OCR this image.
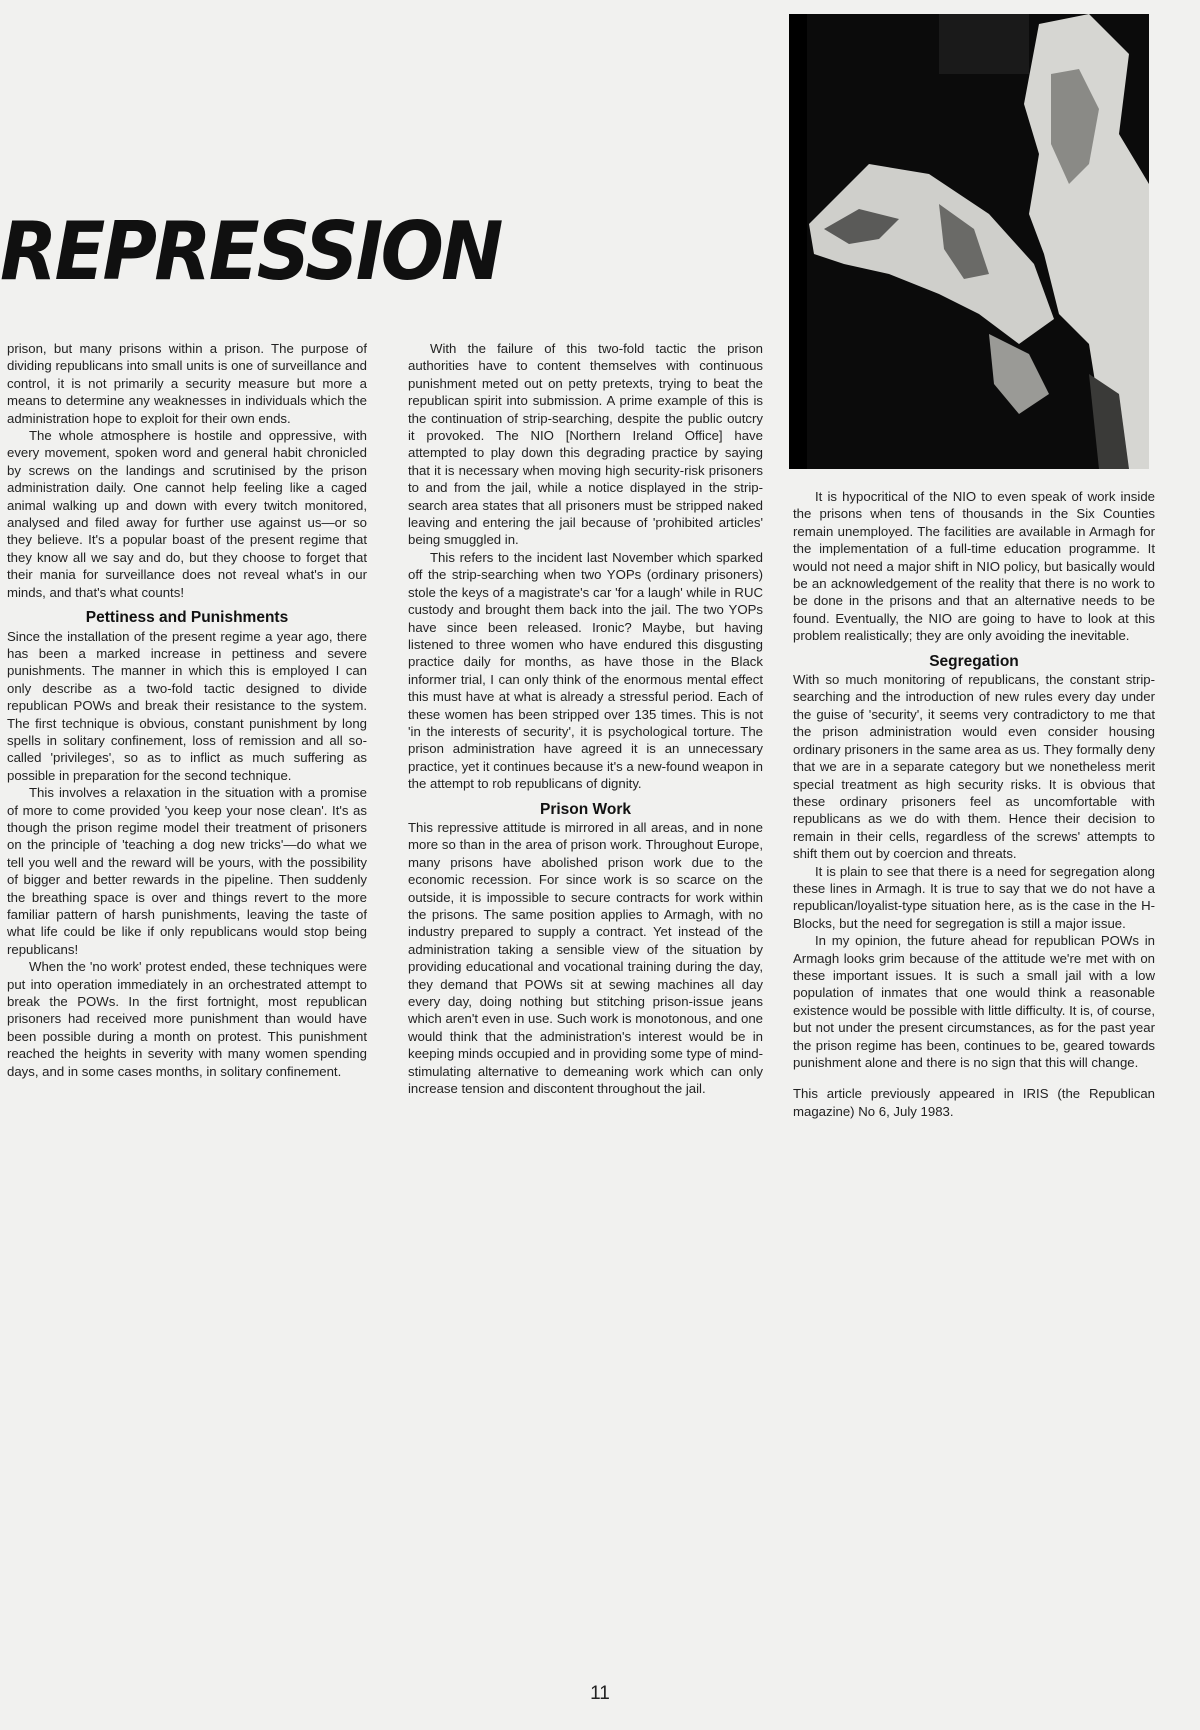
REPRESSION

prison, but many prisons within a prison. The purpose of dividing republicans into small units is one of surveillance and control, it is not primarily a security measure but more a means to determine any weaknesses in individuals which the administration hope to exploit for their own ends.

The whole atmosphere is hostile and oppressive, with every movement, spoken word and general habit chronicled by screws on the landings and scrutinised by the prison administration daily. One cannot help feeling like a caged animal walking up and down with every twitch monitored, analysed and filed away for further use against us—or so they believe. It's a popular boast of the present regime that they know all we say and do, but they choose to forget that their mania for surveillance does not reveal what's in our minds, and that's what counts!

Pettiness and Punishments

Since the installation of the present regime a year ago, there has been a marked increase in pettiness and severe punishments. The manner in which this is employed I can only describe as a two-fold tactic designed to divide republican POWs and break their resistance to the system. The first technique is obvious, constant punishment by long spells in solitary confinement, loss of remission and all so-called 'privileges', so as to inflict as much suffering as possible in preparation for the second technique.

This involves a relaxation in the situation with a promise of more to come provided 'you keep your nose clean'. It's as though the prison regime model their treatment of prisoners on the principle of 'teaching a dog new tricks'—do what we tell you well and the reward will be yours, with the possibility of bigger and better rewards in the pipeline. Then suddenly the breathing space is over and things revert to the more familiar pattern of harsh punishments, leaving the taste of what life could be like if only republicans would stop being republicans!

When the 'no work' protest ended, these techniques were put into operation immediately in an orchestrated attempt to break the POWs. In the first fortnight, most republican prisoners had received more punishment than would have been possible during a month on protest. This punishment reached the heights in severity with many women spending days, and in some cases months, in solitary confinement.

With the failure of this two-fold tactic the prison authorities have to content themselves with continuous punishment meted out on petty pretexts, trying to beat the republican spirit into submission. A prime example of this is the continuation of strip-searching, despite the public outcry it provoked. The NIO [Northern Ireland Office] have attempted to play down this degrading practice by saying that it is necessary when moving high security-risk prisoners to and from the jail, while a notice displayed in the strip-search area states that all prisoners must be stripped naked leaving and entering the jail because of 'prohibited articles' being smuggled in.

This refers to the incident last November which sparked off the strip-searching when two YOPs (ordinary prisoners) stole the keys of a magistrate's car 'for a laugh' while in RUC custody and brought them back into the jail. The two YOPs have since been released. Ironic? Maybe, but having listened to three women who have endured this disgusting practice daily for months, as have those in the Black informer trial, I can only think of the enormous mental effect this must have at what is already a stressful period. Each of these women has been stripped over 135 times. This is not 'in the interests of security', it is psychological torture. The prison administration have agreed it is an unnecessary practice, yet it continues because it's a new-found weapon in the attempt to rob republicans of dignity.

Prison Work

This repressive attitude is mirrored in all areas, and in none more so than in the area of prison work. Throughout Europe, many prisons have abolished prison work due to the economic recession. For since work is so scarce on the outside, it is impossible to secure contracts for work within the prisons. The same position applies to Armagh, with no industry prepared to supply a contract. Yet instead of the administration taking a sensible view of the situation by providing educational and vocational training during the day, they demand that POWs sit at sewing machines all day every day, doing nothing but stitching prison-issue jeans which aren't even in use. Such work is monotonous, and one would think that the administration's interest would be in keeping minds occupied and in providing some type of mind-stimulating alternative to demeaning work which can only increase tension and discontent throughout the jail.

It is hypocritical of the NIO to even speak of work inside the prisons when tens of thousands in the Six Counties remain unemployed. The facilities are available in Armagh for the implementation of a full-time education programme. It would not need a major shift in NIO policy, but basically would be an acknowledgement of the reality that there is no work to be done in the prisons and that an alternative needs to be found. Eventually, the NIO are going to have to look at this problem realistically; they are only avoiding the inevitable.

Segregation

With so much monitoring of republicans, the constant strip-searching and the introduction of new rules every day under the guise of 'security', it seems very contradictory to me that the prison administration would even consider housing ordinary prisoners in the same area as us. They formally deny that we are in a separate category but we nonetheless merit special treatment as high security risks. It is obvious that these ordinary prisoners feel as uncomfortable with republicans as we do with them. Hence their decision to remain in their cells, regardless of the screws' attempts to shift them out by coercion and threats.

It is plain to see that there is a need for segregation along these lines in Armagh. It is true to say that we do not have a republican/loyalist-type situation here, as is the case in the H-Blocks, but the need for segregation is still a major issue.

In my opinion, the future ahead for republican POWs in Armagh looks grim because of the attitude we're met with on these important issues. It is such a small jail with a low population of inmates that one would think a reasonable existence would be possible with little difficulty. It is, of course, but not under the present circumstances, as for the past year the prison regime has been, continues to be, geared towards punishment alone and there is no sign that this will change.

This article previously appeared in IRIS (the Republican magazine) No 6, July 1983.

11
